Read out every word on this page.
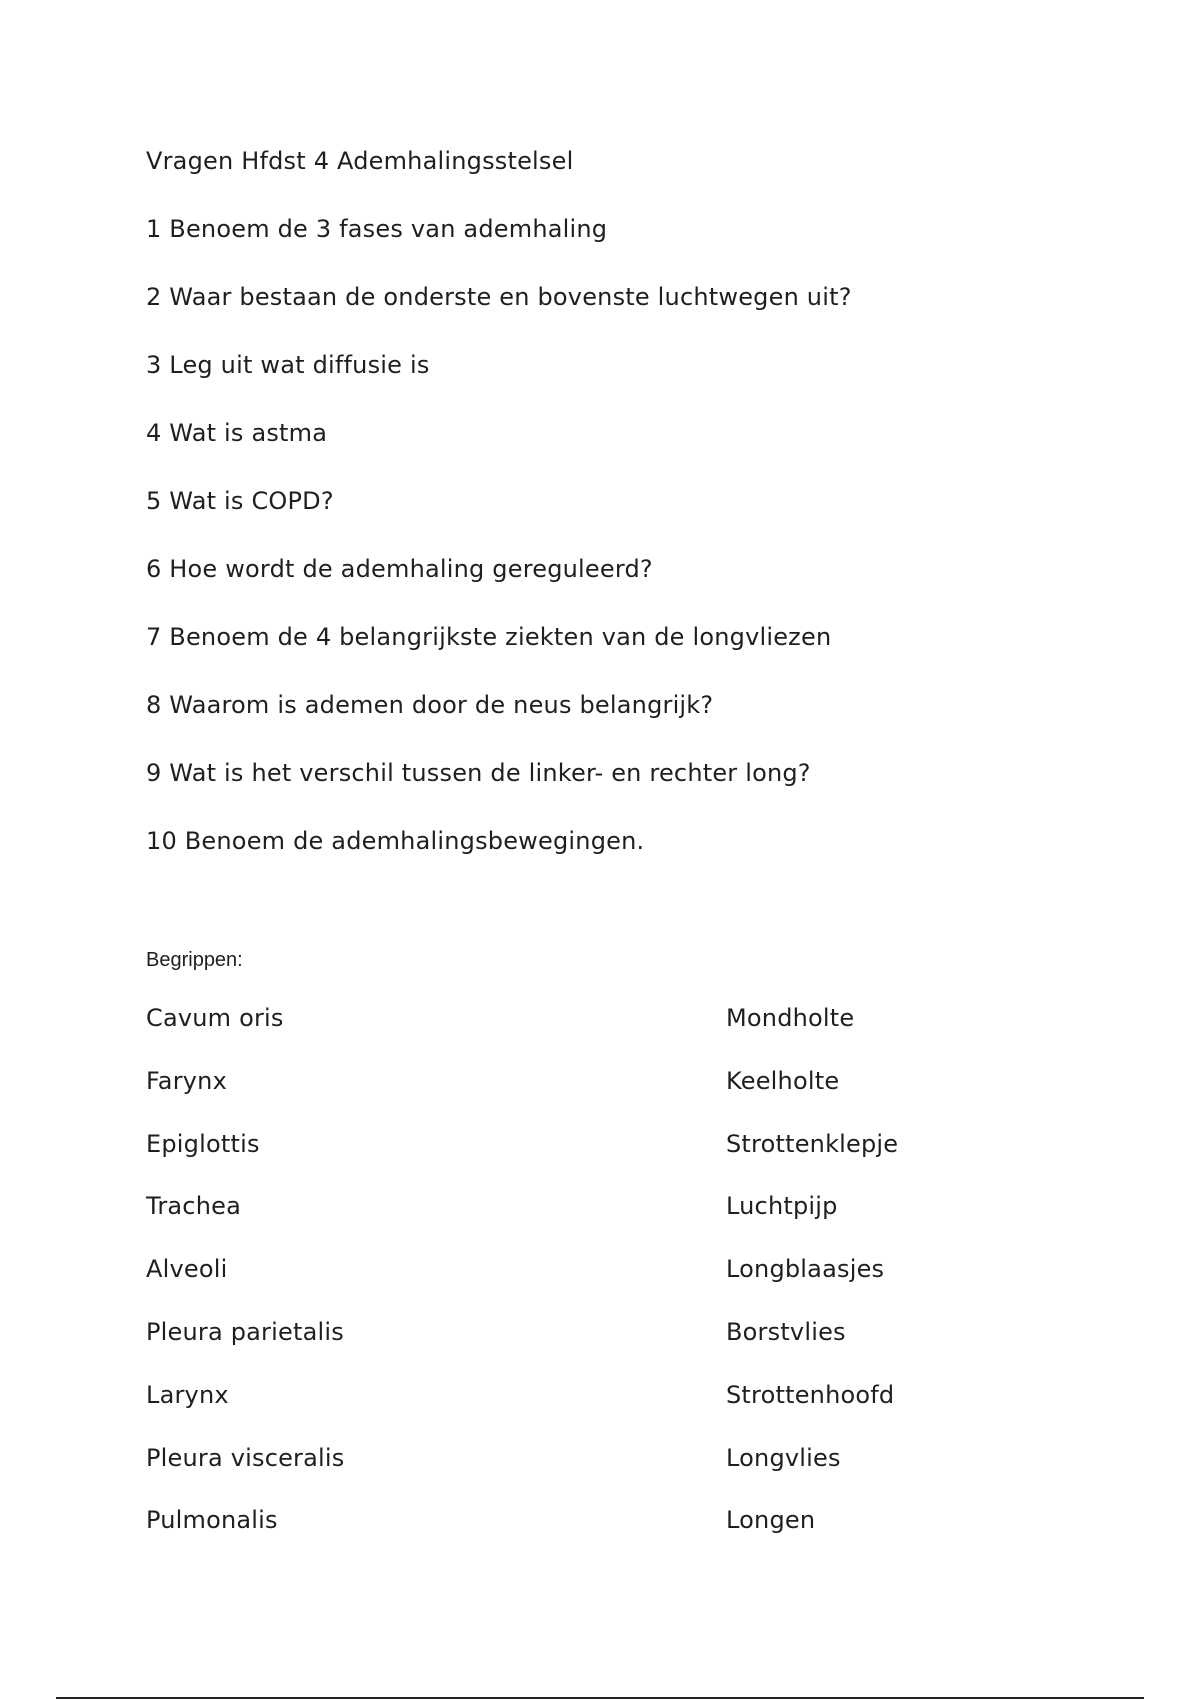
Vragen Hfdst 4 Ademhalingsstelsel
1 Benoem de 3 fases van ademhaling
2 Waar bestaan de onderste en bovenste luchtwegen uit?
3 Leg uit wat diffusie is
4 Wat is astma
5 Wat is COPD?
6 Hoe wordt de ademhaling gereguleerd?
7 Benoem de 4 belangrijkste ziekten van de longvliezen
8 Waarom is ademen door de neus belangrijk?
9 Wat is het verschil tussen de linker- en rechter long?
10 Benoem de ademhalingsbewegingen.
Begrippen:
Cavum oris	Mondholte
Farynx	Keelholte
Epiglottis	Strottenklepje
Trachea	Luchtpijp
Alveoli	Longblaasjes
Pleura parietalis	Borstvlies
Larynx	Strottenhoofd
Pleura visceralis	Longvlies
Pulmonalis	Longen
